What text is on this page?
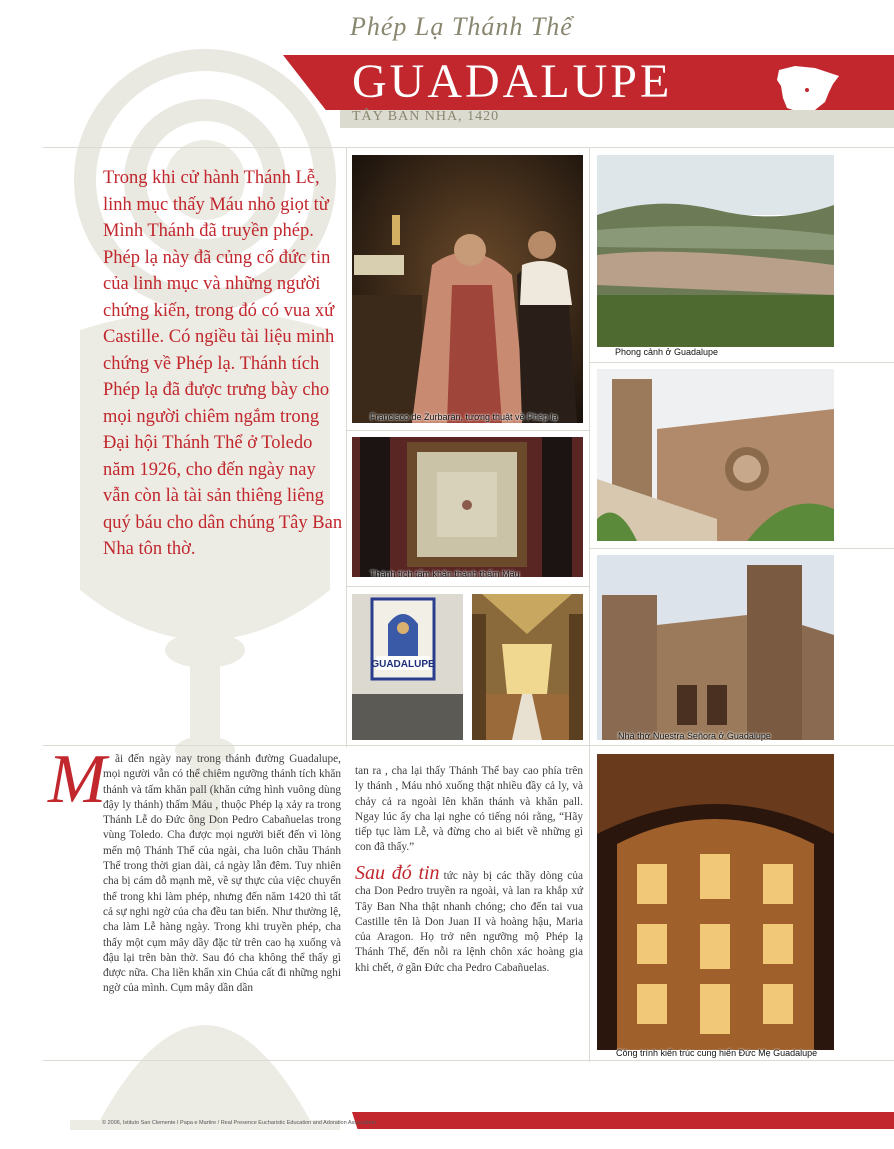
Phép Lạ Thánh Thể
GUADALUPE
TÂY BAN NHA, 1420
Trong khi cử hành Thánh Lễ, linh mục thấy Máu nhỏ giọt từ Mình Thánh đã truyền phép. Phép lạ này đã củng cố đức tin của linh mục và những người chứng kiến, trong đó có vua xứ Castille. Có ngiều tài liệu minh chứng về Phép lạ. Thánh tích Phép lạ đã được trưng bày cho mọi người chiêm ngắm trong Đại hội Thánh Thể ở Toledo năm 1926, cho đến ngày nay vẫn còn là tài sản thiêng liêng quý báu cho dân chúng Tây Ban Nha tôn thờ.
Francisco de Zurbarán, tương thuật về Phép lạ
Thánh tích tấm khăn thánh thấm Máu
GUADALUPE
Phong cảnh ở Guadalupe
Nhà thờ Nuestra Señora ở Guadalupe
Công trình kiến trúc cung hiến Đức Mẹ Guadalupe
M ãi đến ngày nay trong thánh đường Guadalupe, mọi người vẫn có thể chiêm ngưỡng thánh tích khăn thánh và tấm khăn pall (khăn cứng hình vuông dùng đậy ly thánh) thấm Máu , thuộc Phép lạ xảy ra trong Thánh Lễ do Đức ông Don Pedro Cabañuelas trong vùng Toledo. Cha được mọi người biết đến vì lòng mến mộ Thánh Thể của ngài, cha luôn chầu Thánh Thể trong thời gian dài, cả ngày lẫn đêm. Tuy nhiên cha bị cám dỗ mạnh mẽ, về sự thực của việc chuyển thể trong khi làm phép, nhưng đến năm 1420 thì tất cả sự nghi ngờ của cha đều tan biến. Như thường lệ, cha làm Lễ hàng ngày. Trong khi truyền phép, cha thấy một cụm mây dầy đặc từ trên cao hạ xuống và đậu lại trên bàn thờ. Sau đó cha không thể thấy gì được nữa. Cha liền khẩn xin Chúa cất đi những nghi ngờ của mình. Cụm mây dần dần
tan ra , cha lại thấy Thánh Thể bay cao phía trên ly thánh , Máu nhỏ xuống thật nhiều đầy cả ly, và chảy cả ra ngoài lên khăn thánh và khăn pall. Ngay lúc ấy cha lại nghe có tiếng nói rằng, “Hãy tiếp tục làm Lễ, và đừng cho ai biết về những gì con đã thấy.”
Sau đó tin tức này bị các thầy dòng của cha Don Pedro truyền ra ngoài, và lan ra khắp xứ Tây Ban Nha thật nhanh chóng; cho đến tai vua Castille tên là Don Juan II và hoàng hậu, Maria của Aragon. Họ trở nên ngưỡng mộ Phép lạ Thánh Thể, đến nỗi ra lệnh chôn xác hoàng gia khi chết, ở gần Đức cha Pedro Cabañuelas.
© 2006, Istituto San Clemente I Papa e Martire / Real Presence Eucharistic Education and Adoration Association
